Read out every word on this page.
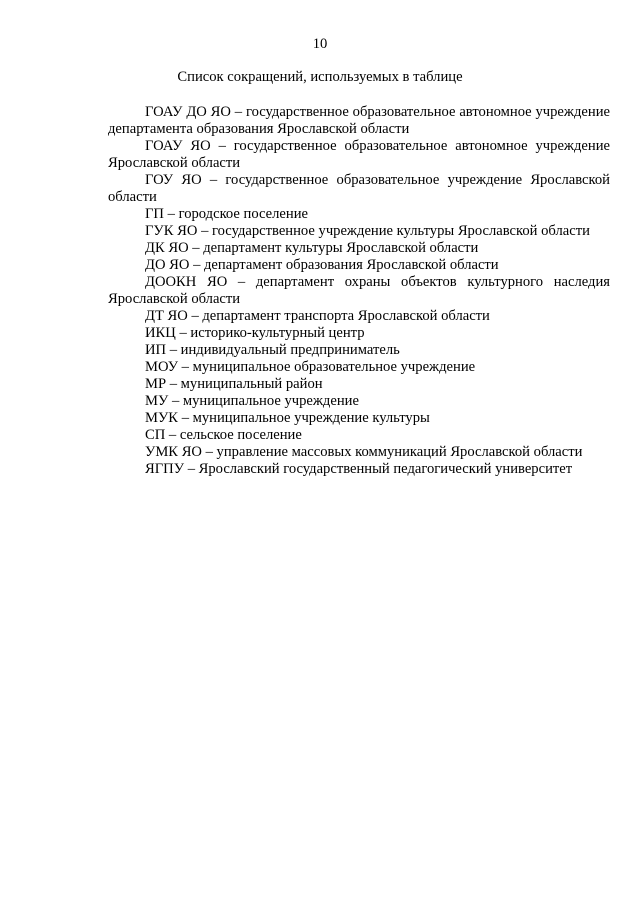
10
Список сокращений, используемых в таблице
ГОАУ ДО ЯО – государственное образовательное автономное учреждение департамента образования Ярославской области
ГОАУ ЯО – государственное образовательное автономное учреждение Ярославской области
ГОУ ЯО – государственное образовательное учреждение Ярославской области
ГП – городское поселение
ГУК ЯО – государственное учреждение культуры Ярославской области
ДК ЯО – департамент культуры Ярославской области
ДО ЯО – департамент образования Ярославской области
ДООКН ЯО – департамент охраны объектов культурного наследия Ярославской области
ДТ ЯО – департамент транспорта Ярославской области
ИКЦ – историко-культурный центр
ИП – индивидуальный предприниматель
МОУ – муниципальное образовательное учреждение
МР – муниципальный район
МУ – муниципальное учреждение
МУК – муниципальное учреждение культуры
СП – сельское поселение
УМК ЯО – управление массовых коммуникаций Ярославской области
ЯГПУ – Ярославский государственный педагогический университет
